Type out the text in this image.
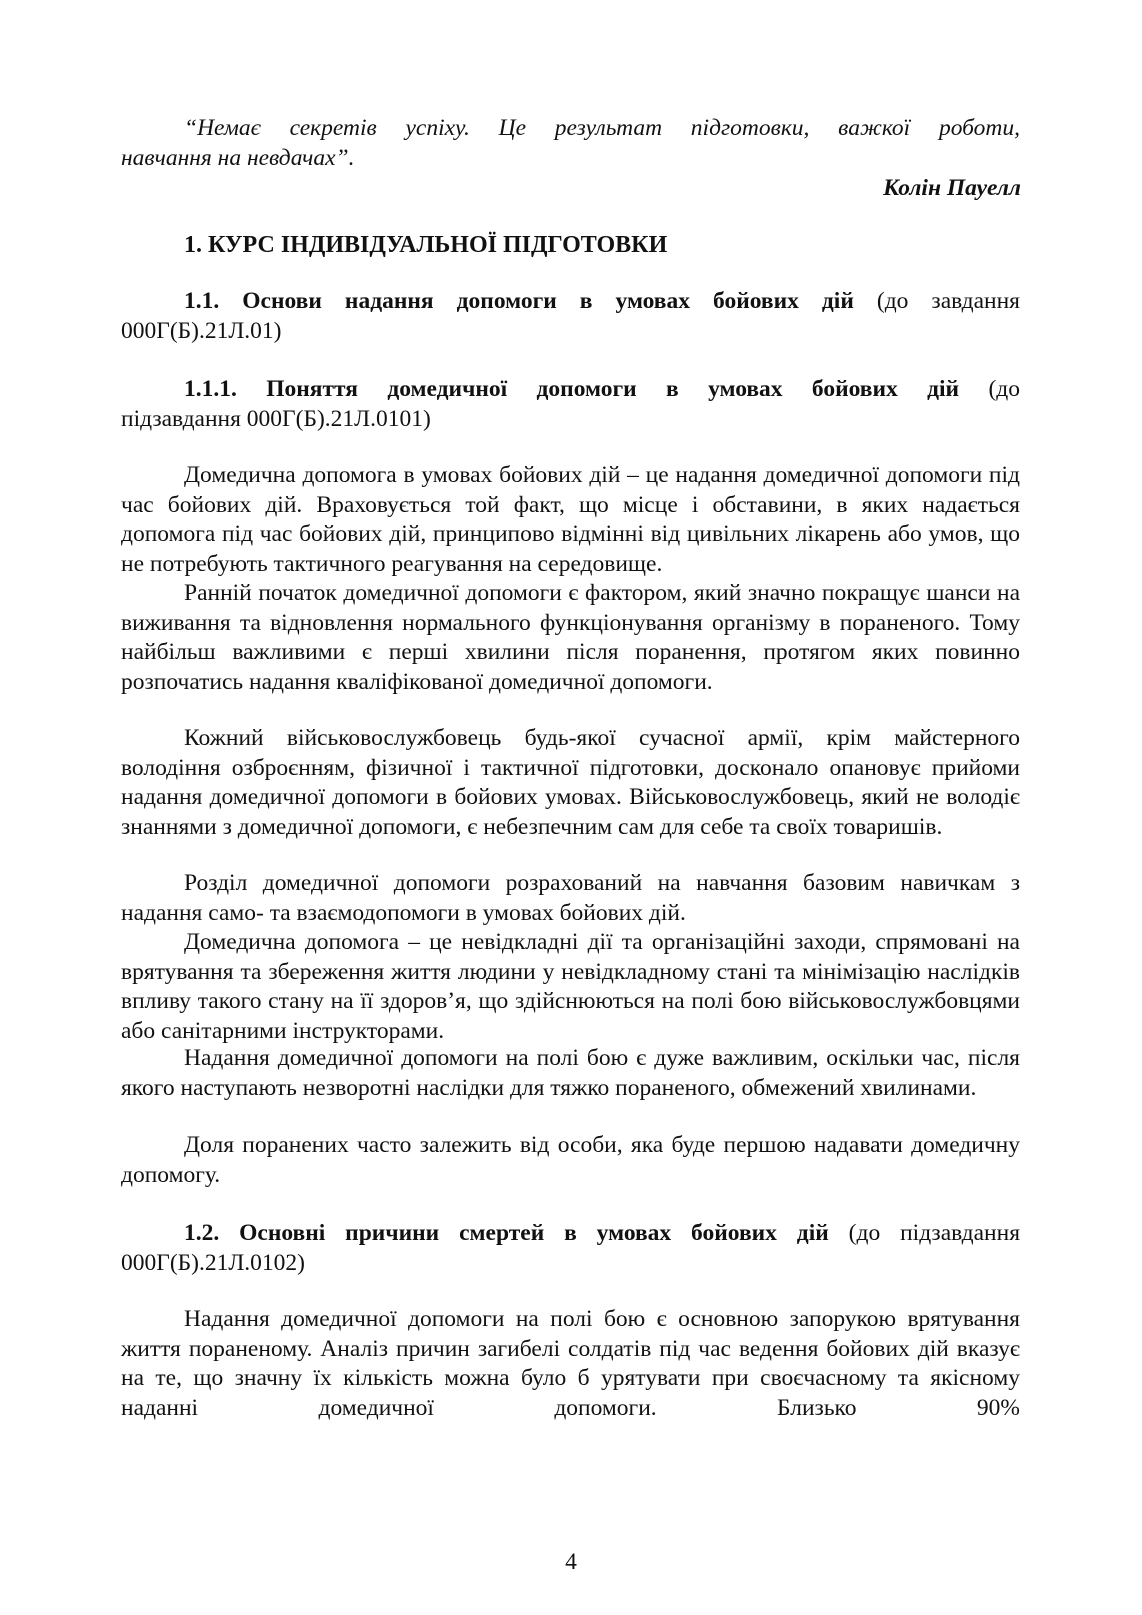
“Немає секретів успіху. Це результат підготовки, важкої роботи,
навчання на невдачах”.
Колін Пауелл
1. КУРС ІНДИВІДУАЛЬНОЇ ПІДГОТОВКИ
1.1. Основи надання допомоги в умовах бойових дій (до завдання
000Г(Б).21Л.01)
1.1.1. Поняття домедичної допомоги в умовах бойових дій (до
підзавдання 000Г(Б).21Л.0101)

Домедична допомога в умовах бойових дій – це надання домедичної допомоги під час бойових дій. Враховується той факт, що місце і обставини, в яких надається допомога під час бойових дій, принципово відмінні від цивільних лікарень або умов, що не потребують тактичного реагування на середовище.

Ранній початок домедичної допомоги є фактором, який значно покращує шанси на виживання та відновлення нормального функціонування організму в пораненого. Тому найбільш важливими є перші хвилини після поранення, протягом яких повинно розпочатись надання кваліфікованої домедичної допомоги.

Кожний військовослужбовець будь-якої сучасної армії, крім майстерного володіння озброєнням, фізичної і тактичної підготовки, досконало опановує прийоми надання домедичної допомоги в бойових умовах. Військовослужбовець, який не володіє знаннями з домедичної допомоги, є небезпечним сам для себе та своїх товаришів.

Розділ домедичної допомоги розрахований на навчання базовим навичкам з надання само- та взаємодопомоги в умовах бойових дій.

Домедична допомога – це невідкладні дії та організаційні заходи, спрямовані на врятування та збереження життя людини у невідкладному стані та мінімізацію наслідків впливу такого стану на її здоров’я, що здійснюються на полі бою військовослужбовцями або санітарними інструкторами.

Надання домедичної допомоги на полі бою є дуже важливим, оскільки час, після якого наступають незворотні наслідки для тяжко пораненого, обмежений хвилинами.

Доля поранених часто залежить від особи, яка буде першою надавати домедичну допомогу.

1.2. Основні причини смертей в умовах бойових дій (до підзавдання
000Г(Б).21Л.0102)

Надання домедичної допомоги на полі бою є основною запорукою врятування життя пораненому. Аналіз причин загибелі солдатів під час ведення бойових дій вказує на те, що значну їх кількість можна було б урятувати при своєчасному та якісному наданні домедичної допомоги. Близько 90%

4
